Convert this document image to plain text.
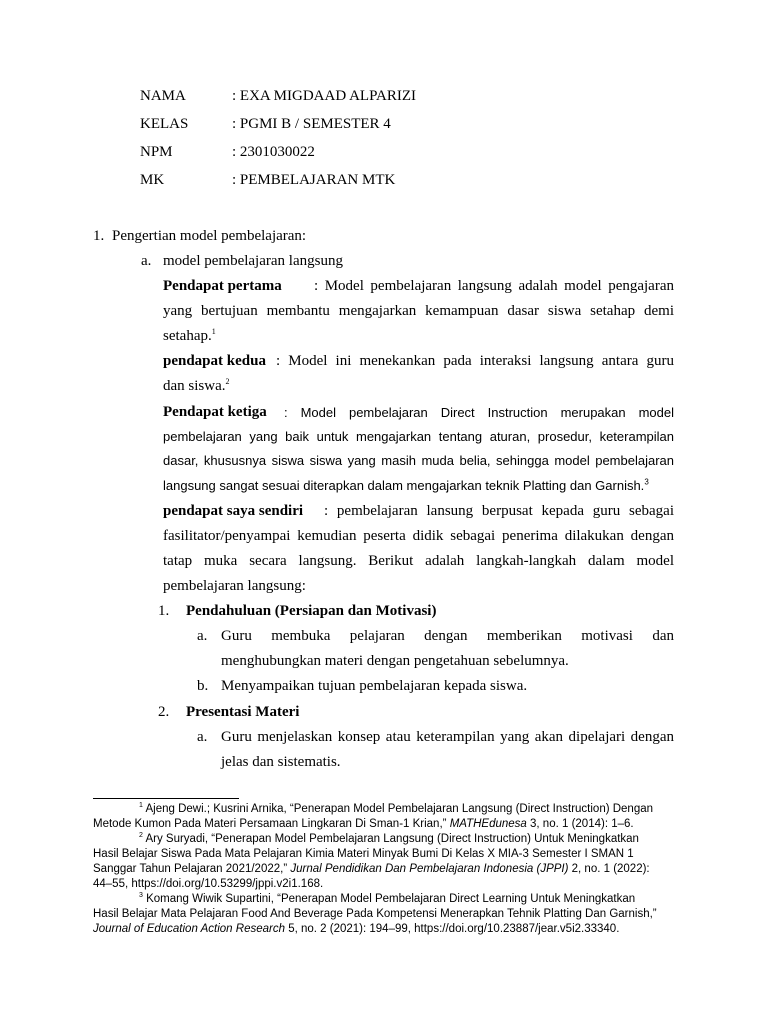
NAMA	: EXA MIGDAAD ALPARIZI
KELAS	: PGMI B / SEMESTER 4
NPM	: 2301030022
MK	: PEMBELAJARAN MTK
1. Pengertian model pembelajaran:
a. model pembelajaran langsung
Pendapat pertama : Model pembelajaran langsung adalah model pengajaran
yang bertujuan membantu mengajarkan kemampuan dasar siswa setahap demi
setahap.$^1$
pendapat kedua : Model ini menekankan pada interaksi langsung antara guru
dan siswa.$^2$
Pendapat ketiga : Model pembelajaran Direct Instruction merupakan model
pembelajaran yang baik untuk mengajarkan tentang aturan, prosedur, keterampilan
dasar, khususnya siswa siswa yang masih muda belia, sehingga model pembelajaran
langsung sangat sesuai diterapkan dalam mengajarkan teknik Platting dan Garnish.$^3$
pendapat saya sendiri : pembelajaran lansung berpusat kepada guru sebagai
fasilitator/penyampai kemudian peserta didik sebagai penerima dilakukan dengan
tatap muka secara langsung. Berikut adalah langkah-langkah dalam model
pembelajaran langsung:
1. Pendahuluan (Persiapan dan Motivasi)
a. Guru membuka pelajaran dengan memberikan motivasi dan
menghubungkan materi dengan pengetahuan sebelumnya.
b. Menyampaikan tujuan pembelajaran kepada siswa.
2. Presentasi Materi
a. Guru menjelaskan konsep atau keterampilan yang akan dipelajari dengan
jelas dan sistematis.
$^1$ Ajeng Dewi.; Kusrini Arnika, “Penerapan Model Pembelajaran Langsung (Direct Instruction) Dengan
Metode Kumon Pada Materi Persamaan Lingkaran Di Sman-1 Krian,” MATHEdunesa 3, no. 1 (2014): 1–6.
$^2$ Ary Suryadi, “Penerapan Model Pembelajaran Langsung (Direct Instruction) Untuk Meningkatkan
Hasil Belajar Siswa Pada Mata Pelajaran Kimia Materi Minyak Bumi Di Kelas X MIA-3 Semester I SMAN 1
Sanggar Tahun Pelajaran 2021/2022,” Jurnal Pendidikan Dan Pembelajaran Indonesia (JPPI) 2, no. 1 (2022):
44–55, https://doi.org/10.53299/jppi.v2i1.168.
$^3$ Komang Wiwik Supartini, “Penerapan Model Pembelajaran Direct Learning Untuk Meningkatkan
Hasil Belajar Mata Pelajaran Food And Beverage Pada Kompetensi Menerapkan Tehnik Platting Dan Garnish,”
Journal of Education Action Research 5, no. 2 (2021): 194–99, https://doi.org/10.23887/jear.v5i2.33340.
